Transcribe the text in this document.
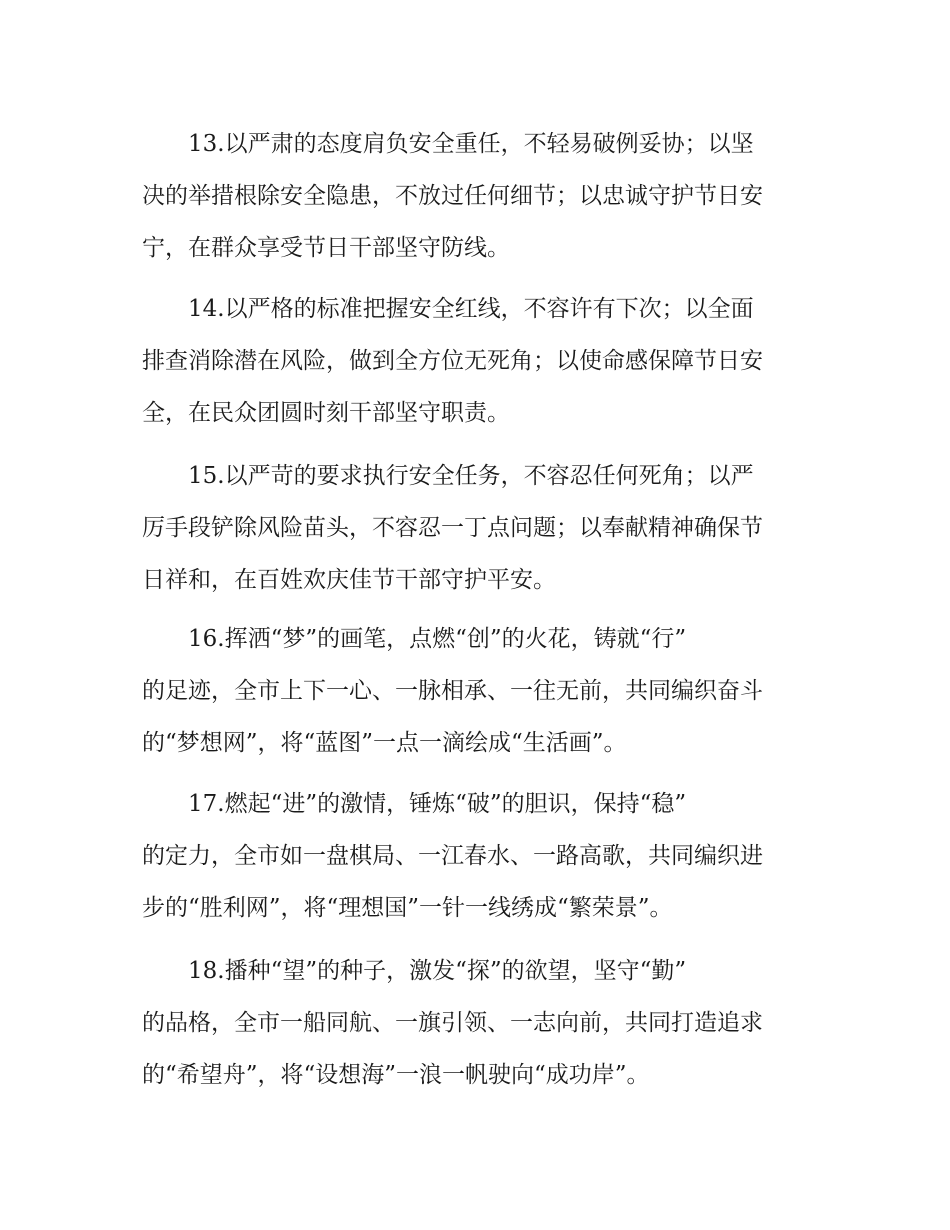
13.以严肃的态度肩负安全重任，不轻易破例妥协；以坚
决的举措根除安全隐患，不放过任何细节；以忠诚守护节日安
宁，在群众享受节日干部坚守防线。

14.以严格的标准把握安全红线，不容许有下次；以全面
排查消除潜在风险，做到全方位无死角；以使命感保障节日安
全，在民众团圆时刻干部坚守职责。

15.以严苛的要求执行安全任务，不容忍任何死角；以严
厉手段铲除风险苗头，不容忍一丁点问题；以奉献精神确保节
日祥和，在百姓欢庆佳节干部守护平安。

16.挥洒“梦”的画笔，点燃“创”的火花，铸就“行”
的足迹，全市上下一心、一脉相承、一往无前，共同编织奋斗
的“梦想网”，将“蓝图”一点一滴绘成“生活画”。

17.燃起“进”的激情，锤炼“破”的胆识，保持“稳”
的定力，全市如一盘棋局、一江春水、一路高歌，共同编织进
步的“胜利网”，将“理想国”一针一线绣成“繁荣景”。

18.播种“望”的种子，激发“探”的欲望，坚守“勤”
的品格，全市一船同航、一旗引领、一志向前，共同打造追求
的“希望舟”，将“设想海”一浪一帆驶向“成功岸”。
